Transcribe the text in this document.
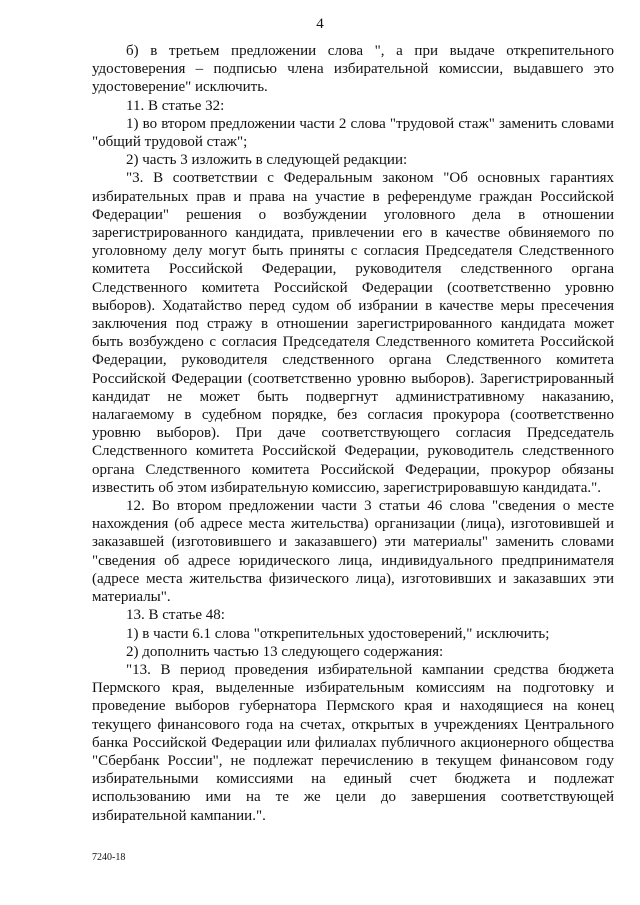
4

б) в третьем предложении слова ", а при выдаче открепительного удостоверения – подписью члена избирательной комиссии, выдавшего это удостоверение" исключить.

11. В статье 32:

1) во втором предложении части 2 слова "трудовой стаж" заменить словами "общий трудовой стаж";

2) часть 3 изложить в следующей редакции:

"3. В соответствии с Федеральным законом "Об основных гарантиях избирательных прав и права на участие в референдуме граждан Российской Федерации" решения о возбуждении уголовного дела в отношении зарегистрированного кандидата, привлечении его в качестве обвиняемого по уголовному делу могут быть приняты с согласия Председателя Следственного комитета Российской Федерации, руководителя следственного органа Следственного комитета Российской Федерации (соответственно уровню выборов). Ходатайство перед судом об избрании в качестве меры пресечения заключения под стражу в отношении зарегистрированного кандидата может быть возбуждено с согласия Председателя Следственного комитета Российской Федерации, руководителя следственного органа Следственного комитета Российской Федерации (соответственно уровню выборов). Зарегистрированный кандидат не может быть подвергнут административному наказанию, налагаемому в судебном порядке, без согласия прокурора (соответственно уровню выборов). При даче соответствующего согласия Председатель Следственного комитета Российской Федерации, руководитель следственного органа Следственного комитета Российской Федерации, прокурор обязаны известить об этом избирательную комиссию, зарегистрировавшую кандидата.".

12. Во втором предложении части 3 статьи 46 слова "сведения о месте нахождения (об адресе места жительства) организации (лица), изготовившей и заказавшей (изготовившего и заказавшего) эти материалы" заменить словами "сведения об адресе юридического лица, индивидуального предпринимателя (адресе места жительства физического лица), изготовивших и заказавших эти материалы".

13. В статье 48:

1) в части 6.1 слова "открепительных удостоверений," исключить;

2) дополнить частью 13 следующего содержания:

"13. В период проведения избирательной кампании средства бюджета Пермского края, выделенные избирательным комиссиям на подготовку и проведение выборов губернатора Пермского края и находящиеся на конец текущего финансового года на счетах, открытых в учреждениях Центрального банка Российской Федерации или филиалах публичного акционерного общества "Сбербанк России", не подлежат перечислению в текущем финансовом году избирательными комиссиями на единый счет бюджета и подлежат использованию ими на те же цели до завершения соответствующей избирательной кампании.".

7240-18
